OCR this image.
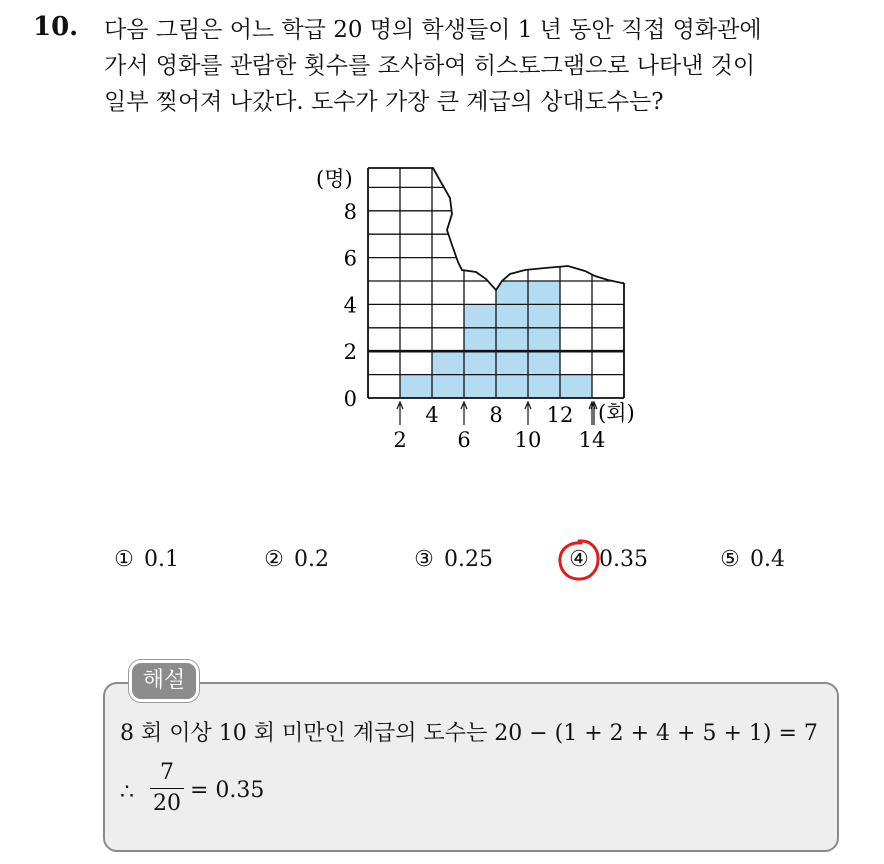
10. 다음 그림은 어느 학급 20 명의 학생들이 1 년 동안 직접 영화관에
가서 영화를 관람한 횟수를 조사하여 히스토그램으로 나타낸 것이
일부 찢어져 나갔다. 도수가 가장 큰 계급의 상대도수는?

0
2
4
6
8
(명)
2
4
6
8
10
12
14
(회)
① 0.1	② 0.2	③ 0.25	④ 0.35	⑤ 0.4
해설
8 회 이상 10 회 미만인 계급의 도수는 20 − (1 + 2 + 4 + 5 + 1) = 7
∴
7
20
= 0.35
